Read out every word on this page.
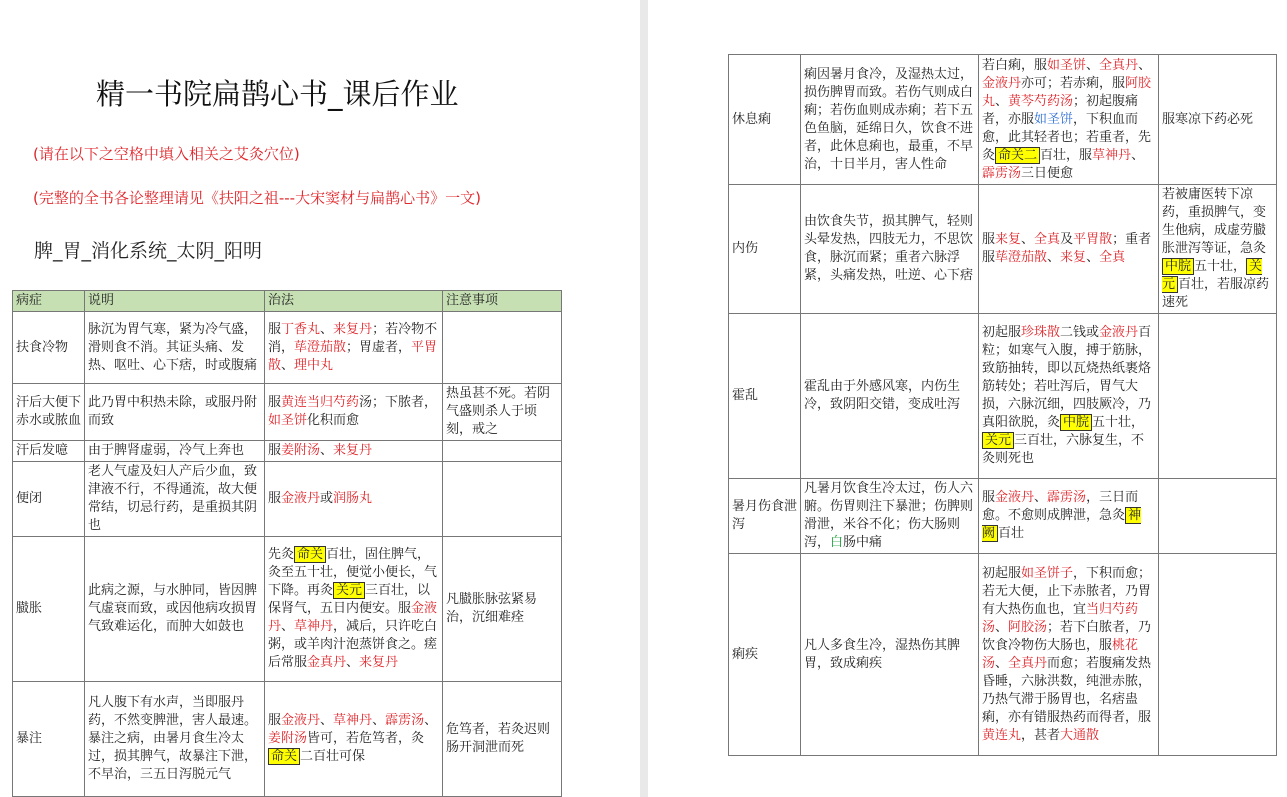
精一书院扁鹊心书_课后作业
(请在以下之空格中填入相关之艾灸穴位)
(完整的全书各论整理请见《扶阳之祖---大宋窦材与扁鹊心书》一文)
脾_胃_消化系统_太阴_阳明
病症	说明	治法	注意事项
扶食冷物	脉沉为胃气寒，紧为冷气盛，滑则食不消。其证头痛、发热、呕吐、心下痞，时或腹痛	服丁香丸、来复丹；若冷物不消，荜澄茄散；胃虚者，平胃散、理中丸	
汗后大便下赤水或脓血	此乃胃中积热未除，或服丹附而致	服黄连当归芍药汤；下脓者，如圣饼化积而愈	热虽甚不死。若阴气盛则杀人于顷刻，戒之
汗后发噫	由于脾肾虚弱，冷气上奔也	服姜附汤、来复丹	
便闭	老人气虚及妇人产后少血，致津液不行，不得通流，故大便常结，切忌行药，是重损其阴也	服金液丹或润肠丸	
臌胀	此病之源，与水肿同，皆因脾气虚衰而致，或因他病攻损胃气致难运化，而肿大如鼓也	先灸 命关 百壮，固住脾气，灸至五十壮，便觉小便长，气下降。再灸 关元 三百壮，以保肾气，五日内便安。服金液丹、草神丹，减后，只许吃白粥，或羊肉汁泡蒸饼食之。瘥后常服金真丹、来复丹	凡臌胀脉弦紧易治，沉细难痊
暴注	凡人腹下有水声，当即服丹药，不然变脾泄，害人最速。暴注之病，由暑月食生冷太过，损其脾气，故暴注下泄，不早治，三五日泻脱元气	服金液丹、草神丹、霹雳汤、姜附汤皆可，若危笃者，灸命关 二百壮可保	危笃者，若灸迟则肠开洞泄而死
休息痢	痢因暑月食冷，及湿热太过，损伤脾胃而致。若伤气则成白痢；若伤血则成赤痢；若下五色鱼脑，延绵日久，饮食不进者，此休息痢也，最重，不早治，十日半月，害人性命	若白痢，服如圣饼、全真丹、金液丹亦可；若赤痢，服阿胶丸、黄芩芍药汤；初起腹痛者，亦服如圣饼，下积血而愈，此其轻者也；若重者，先灸 命关二 百壮，服草神丹、霹雳汤三日便愈	服寒凉下药必死
内伤	由饮食失节，损其脾气，轻则头晕发热，四肢无力，不思饮食，脉沉而紧；重者六脉浮紧，头痛发热，吐逆、心下痞	服来复、全真及平胃散；重者服荜澄茄散、来复、全真	若被庸医转下凉药，重损脾气，变生他病，成虚劳臌胀泄泻等证，急灸中脘 五十壮， 关元 百壮，若服凉药速死
霍乱	霍乱由于外感风寒，内伤生冷，致阴阳交错，变成吐泻	初起服珍珠散二钱或金液丹百粒；如寒气入腹，搏于筋脉，致筋抽转，即以瓦烧热纸裹烙筋转处；若吐泻后，胃气大损，六脉沉细，四肢厥冷，乃真阳欲脱，灸 中脘 五十壮，关元 三百壮，六脉复生，不灸则死也	
暑月伤食泄泻	凡暑月饮食生冷太过，伤人六腑。伤胃则注下暴泄；伤脾则滑泄，米谷不化；伤大肠则泻，白肠中痛	服金液丹、霹雳汤，三日而愈。不愈则成脾泄，急灸 神阙 百壮	
痢疾	凡人多食生冷，湿热伤其脾胃，致成痢疾	初起服如圣饼子，下积而愈；若无大便，止下赤脓者，乃胃有大热伤血也，宜当归芍药汤、阿胶汤；若下白脓者，乃饮食冷物伤大肠也，服桃花汤、全真丹而愈；若腹痛发热昏睡，六脉洪数，纯泄赤脓，乃热气滞于肠胃也，名痞蛊痢，亦有错服热药而得者，服黄连丸，甚者大通散	
